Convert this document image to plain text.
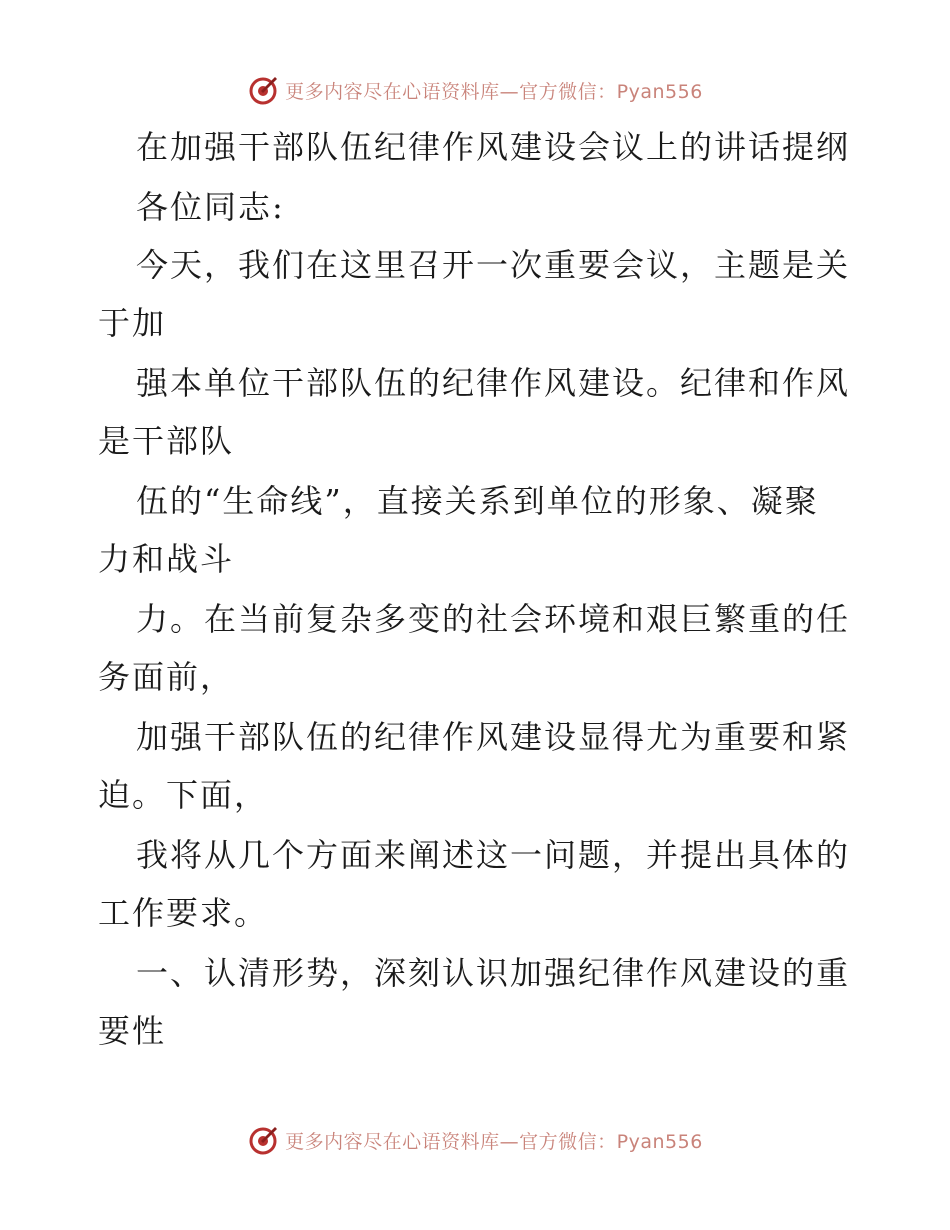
更多内容尽在心语资料库—官方微信：Pyan556

在加强干部队伍纪律作风建设会议上的讲话提纲

各位同志:

今天，我们在这里召开一次重要会议，主题是关
于加

强本单位干部队伍的纪律作风建设。纪律和作风
是干部队

伍的“生命线”，直接关系到单位的形象、凝聚
力和战斗

力。在当前复杂多变的社会环境和艰巨繁重的任
务面前，

加强干部队伍的纪律作风建设显得尤为重要和紧
迫。下面，

我将从几个方面来阐述这一问题，并提出具体的
工作要求。

一、认清形势，深刻认识加强纪律作风建设的重
要性

更多内容尽在心语资料库—官方微信：Pyan556
